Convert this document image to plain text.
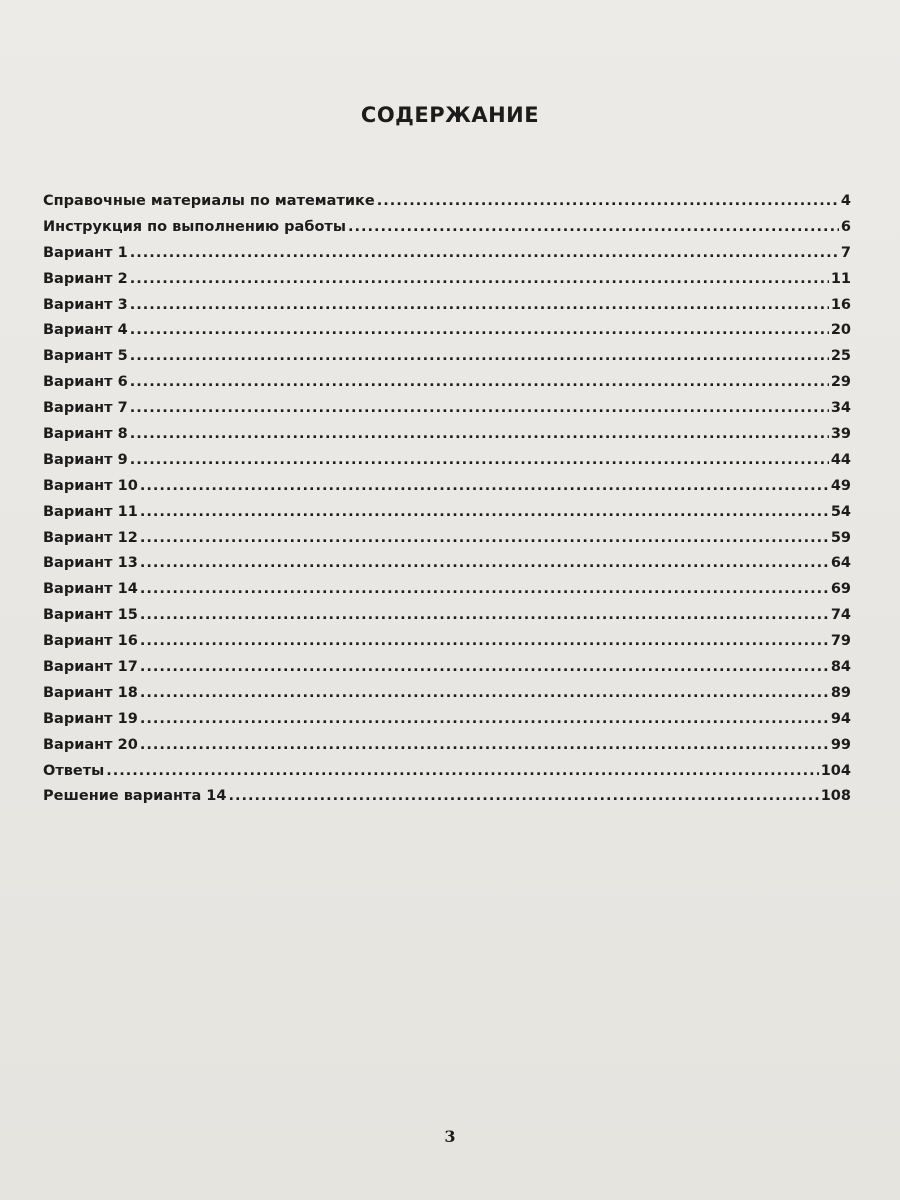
СОДЕРЖАНИЕ
Справочные материалы по математике .....	4
Инструкция по выполнению работы .....	6
Вариант 1 .....	7
Вариант 2 .....	11
Вариант 3 .....	16
Вариант 4 .....	20
Вариант 5 .....	25
Вариант 6 .....	29
Вариант 7 .....	34
Вариант 8 .....	39
Вариант 9 .....	44
Вариант 10 .....	49
Вариант 11 .....	54
Вариант 12 .....	59
Вариант 13 .....	64
Вариант 14 .....	69
Вариант 15 .....	74
Вариант 16 .....	79
Вариант 17 .....	84
Вариант 18 .....	89
Вариант 19 .....	94
Вариант 20 .....	99
Ответы .....	104
Решение варианта 14 .....	108
3
